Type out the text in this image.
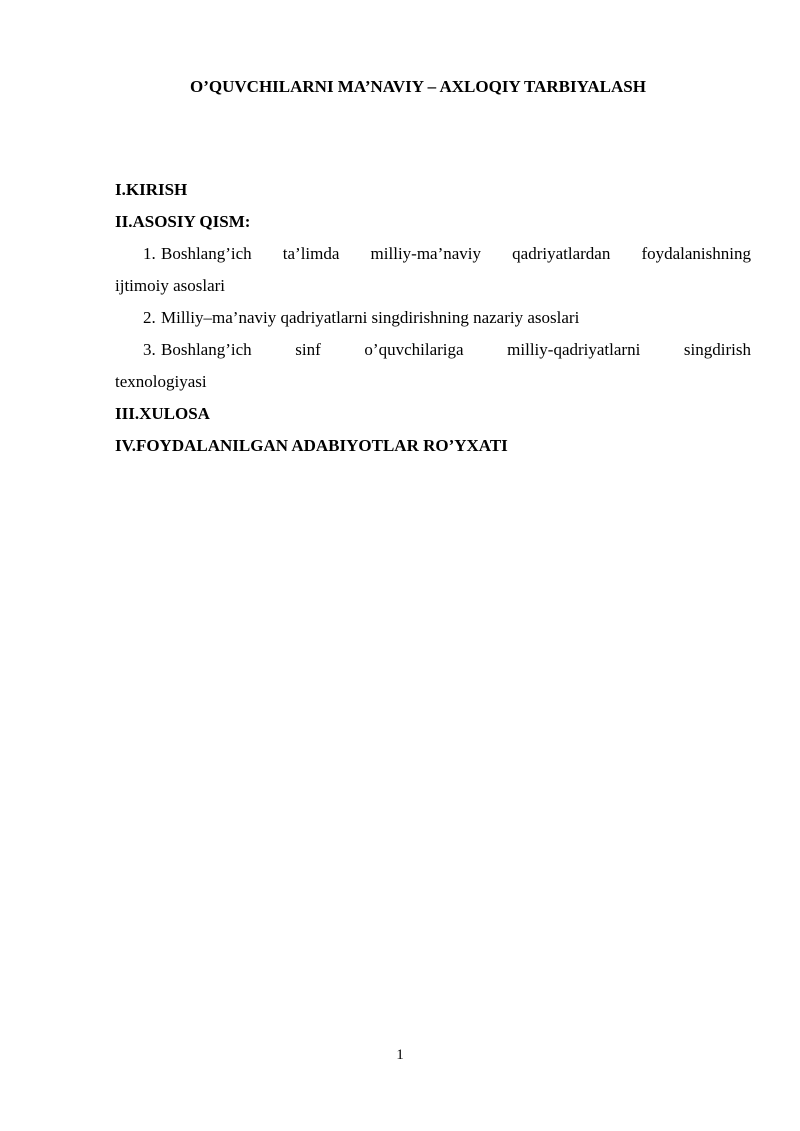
O’QUVCHILARNI MA’NAVIY – AXLOQIY TARBIYALASH
I.KIRISH
II.ASOSIY QISM:
1. Boshlang’ich ta’limda milliy-ma’naviy qadriyatlardan foydalanishning
ijtimoiy asoslari
2. Milliy–ma’naviy qadriyatlarni singdirishning nazariy asoslari
3. Boshlang’ich sinf o’quvchilariga milliy-qadriyatlarni singdirish
texnologiyasi
III.XULOSA
IV.FOYDALANILGAN ADABIYOTLAR RO’YXATI
1
